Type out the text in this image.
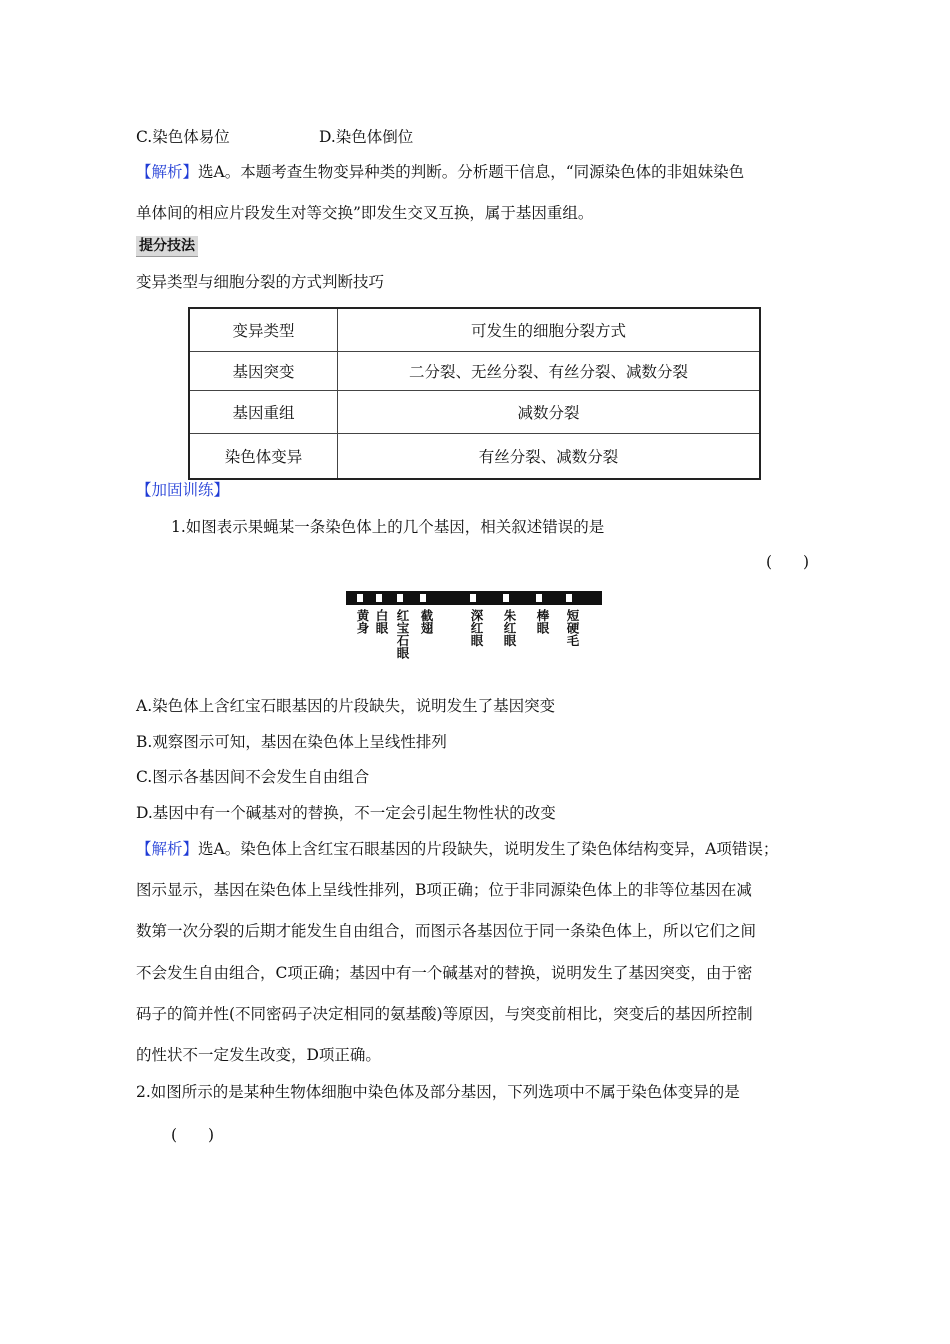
C.染色体易位	D.染色体倒位
【解析】选A。本题考查生物变异种类的判断。分析题干信息，“同源染色体的非姐妹染色
单体间的相应片段发生对等交换”即发生交叉互换，属于基因重组。
提分技法
变异类型与细胞分裂的方式判断技巧
变异类型	可发生的细胞分裂方式
基因突变	二分裂、无丝分裂、有丝分裂、减数分裂
基因重组	减数分裂
染色体变异	有丝分裂、减数分裂
【加固训练】
1.如图表示果蝇某一条染色体上的几个基因，相关叙述错误的是
(　　)
黄身 白眼 红宝石眼 截翅	深红眼 朱红眼 棒眼 短硬毛
A.染色体上含红宝石眼基因的片段缺失，说明发生了基因突变
B.观察图示可知，基因在染色体上呈线性排列
C.图示各基因间不会发生自由组合
D.基因中有一个碱基对的替换，不一定会引起生物性状的改变
【解析】选A。染色体上含红宝石眼基因的片段缺失，说明发生了染色体结构变异，A项错误；
图示显示，基因在染色体上呈线性排列，B项正确；位于非同源染色体上的非等位基因在减
数第一次分裂的后期才能发生自由组合，而图示各基因位于同一条染色体上，所以它们之间
不会发生自由组合，C项正确；基因中有一个碱基对的替换，说明发生了基因突变，由于密
码子的简并性(不同密码子决定相同的氨基酸)等原因，与突变前相比，突变后的基因所控制
的性状不一定发生改变，D项正确。
2.如图所示的是某种生物体细胞中染色体及部分基因，下列选项中不属于染色体变异的是
(　　)
